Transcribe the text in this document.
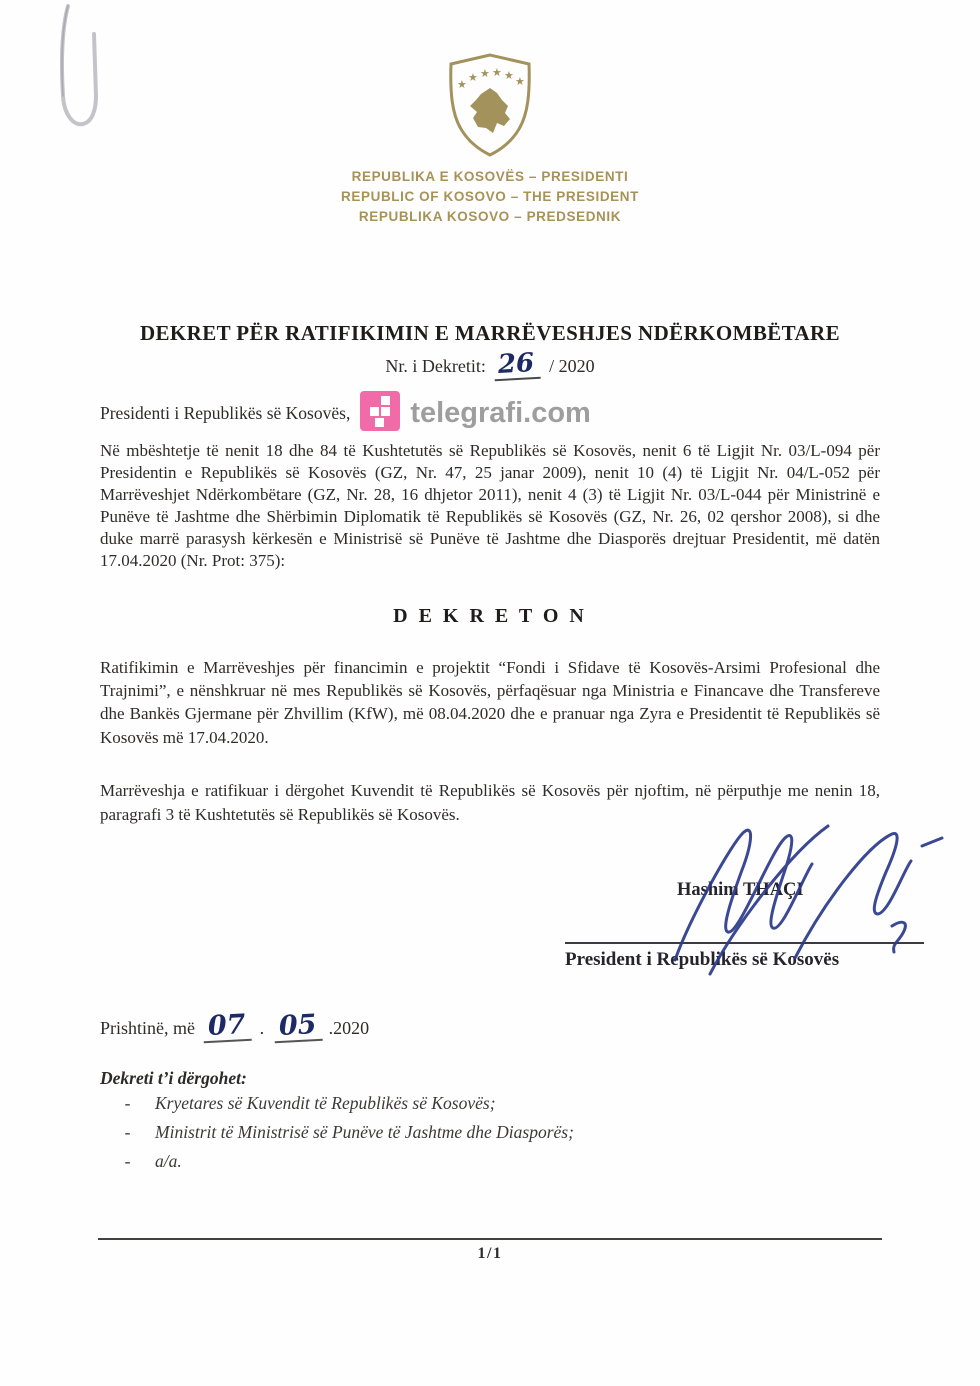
★
★ ★ ★ ★ ★
REPUBLIKA E KOSOVËS – PRESIDENTI
REPUBLIC OF KOSOVO – THE PRESIDENT
REPUBLIKA KOSOVO – PREDSEDNIK
DEKRET PËR RATIFIKIMIN E MARRËVESHJES NDËRKOMBËTARE
Nr. i Dekretit: 26 / 2020
Presidenti i Republikës së Kosovës, telegrafi.com
Në mbështetje të nenit 18 dhe 84 të Kushtetutës së Republikës së Kosovës, nenit 6 të Ligjit Nr. 03/L-094 për Presidentin e Republikës së Kosovës (GZ, Nr. 47, 25 janar 2009), nenit 10 (4) të Ligjit Nr. 04/L-052 për Marrëveshjet Ndërkombëtare (GZ, Nr. 28, 16 dhjetor 2011), nenit 4 (3) të Ligjit Nr. 03/L-044 për Ministrinë e Punëve të Jashtme dhe Shërbimin Diplomatik të Republikës së Kosovës (GZ, Nr. 26, 02 qershor 2008), si dhe duke marrë parasysh kërkesën e Ministrisë së Punëve të Jashtme dhe Diasporës drejtuar Presidentit, më datën 17.04.2020 (Nr. Prot: 375):
D E K R E T O N
Ratifikimin e Marrëveshjes për financimin e projektit “Fondi i Sfidave të Kosovës-Arsimi Profesional dhe Trajnimi”, e nënshkruar në mes Republikës së Kosovës, përfaqësuar nga Ministria e Financave dhe Transfereve dhe Bankës Gjermane për Zhvillim (KfW), më 08.04.2020 dhe e pranuar nga Zyra e Presidentit të Republikës së Kosovës më 17.04.2020.
Marrëveshja e ratifikuar i dërgohet Kuvendit të Republikës së Kosovës për njoftim, në përputhje me nenin 18, paragrafi 3 të Kushtetutës së Republikës së Kosovës.
Hashim THAÇI
President i Republikës së Kosovës
Prishtinë, më 07 . 05 .2020
Dekreti t’i dërgohet:
-	Kryetares së Kuvendit të Republikës së Kosovës;
-	Ministrit të Ministrisë së Punëve të Jashtme dhe Diasporës;
-	a/a.
1/1
